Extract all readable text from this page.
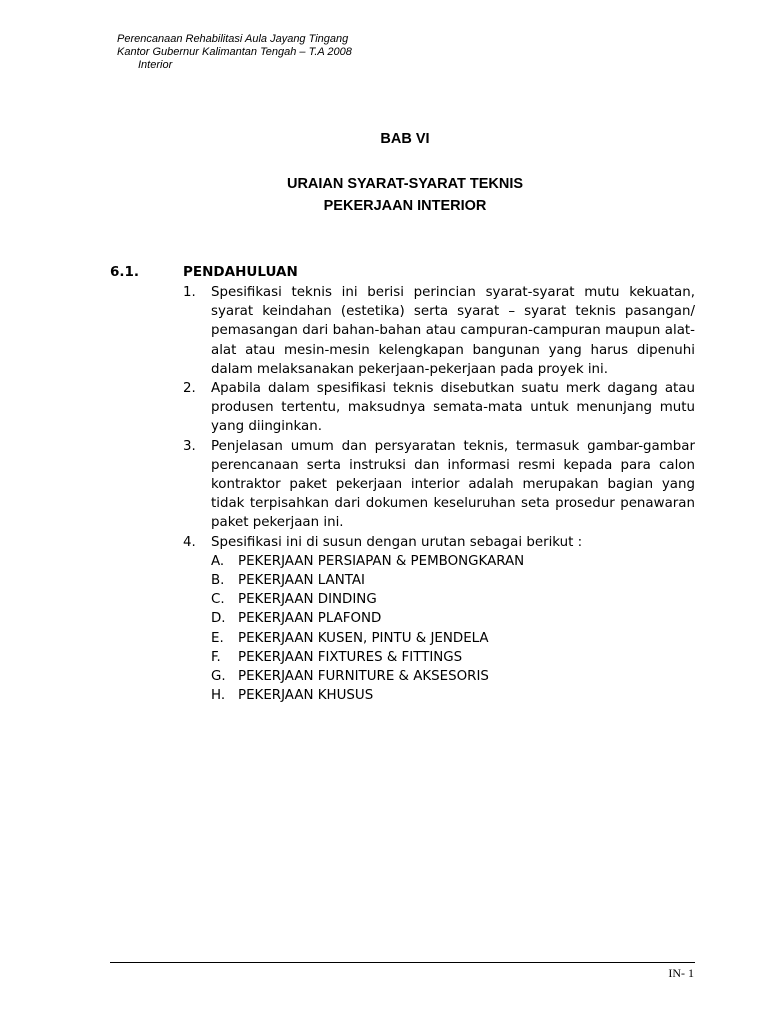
Perencanaan Rehabilitasi Aula Jayang Tingang
Kantor Gubernur Kalimantan Tengah – T.A 2008
Interior
BAB VI
URAIAN SYARAT-SYARAT TEKNIS
PEKERJAAN INTERIOR
6.1.	PENDAHULUAN
1. Spesifikasi teknis ini berisi perincian syarat-syarat mutu kekuatan, syarat keindahan (estetika) serta syarat – syarat teknis pasangan/ pemasangan dari bahan-bahan atau campuran-campuran maupun alat-alat atau mesin-mesin kelengkapan bangunan yang harus dipenuhi dalam melaksanakan pekerjaan-pekerjaan pada proyek ini.
2. Apabila dalam spesifikasi teknis disebutkan suatu merk dagang atau produsen tertentu, maksudnya semata-mata untuk menunjang mutu yang diinginkan.
3. Penjelasan umum dan persyaratan teknis, termasuk gambar-gambar perencanaan serta instruksi dan informasi resmi kepada para calon kontraktor paket pekerjaan interior adalah merupakan bagian yang tidak terpisahkan dari dokumen keseluruhan seta prosedur penawaran paket pekerjaan ini.
4. Spesifikasi ini di susun dengan urutan sebagai berikut :
A. PEKERJAAN PERSIAPAN & PEMBONGKARAN
B. PEKERJAAN LANTAI
C. PEKERJAAN DINDING
D. PEKERJAAN PLAFOND
E. PEKERJAAN KUSEN, PINTU & JENDELA
F. PEKERJAAN FIXTURES & FITTINGS
G. PEKERJAAN FURNITURE & AKSESORIS
H. PEKERJAAN KHUSUS
IN- 1
